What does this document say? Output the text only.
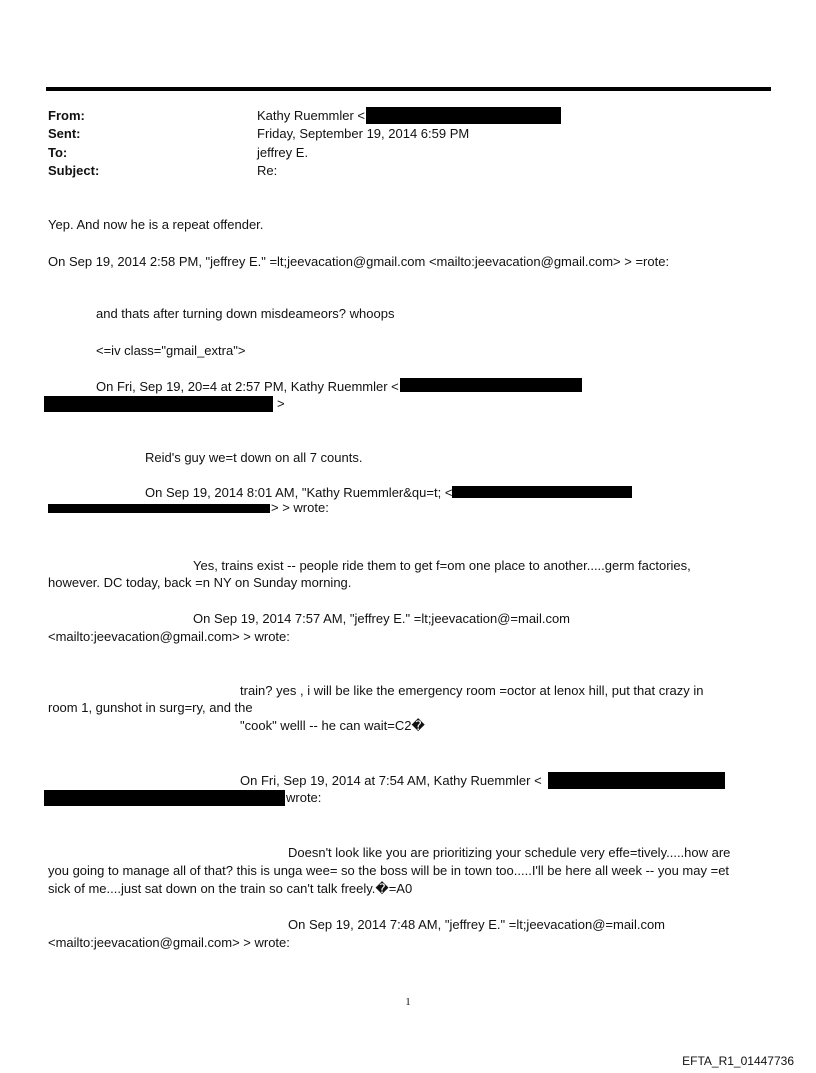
From:	Kathy Ruemmler <
Sent:	Friday, September 19, 2014 6:59 PM
To:	jeffrey E.
Subject:	Re:
Yep. And now he is a repeat offender.
On Sep 19, 2014 2:58 PM, "jeffrey E." =lt;jeevacation@gmail.com <mailto:jeevacation@gmail.com> > =rote:
and thats after turning down misdeameors? whoops
<=iv class="gmail_extra">
On Fri, Sep 19, 20=4 at 2:57 PM, Kathy Ruemmler <
>
Reid's guy we=t down on all 7 counts.
On Sep 19, 2014 8:01 AM, "Kathy Ruemmler&qu=t; <
> > wrote:
Yes, trains exist -- people ride them to get f=om one place to another.....germ factories,
however. DC today, back =n NY on Sunday morning.
On Sep 19, 2014 7:57 AM, "jeffrey E." =lt;jeevacation@=mail.com
<mailto:jeevacation@gmail.com> > wrote:
train? yes , i will be like the emergency room =octor at lenox hill, put that crazy in
room 1, gunshot in surg=ry, and the
"cook" welll -- he can wait=C2�
On Fri, Sep 19, 2014 at 7:54 AM, Kathy Ruemmler <
wrote:
Doesn't look like you are prioritizing your schedule very effe=tively.....how are
you going to manage all of that? this is unga wee= so the boss will be in town too.....I'll be here all week -- you may =et
sick of me....just sat down on the train so can't talk freely.�=A0
On Sep 19, 2014 7:48 AM, "jeffrey E." =lt;jeevacation@=mail.com
<mailto:jeevacation@gmail.com> > wrote:
1
EFTA_R1_01447736
